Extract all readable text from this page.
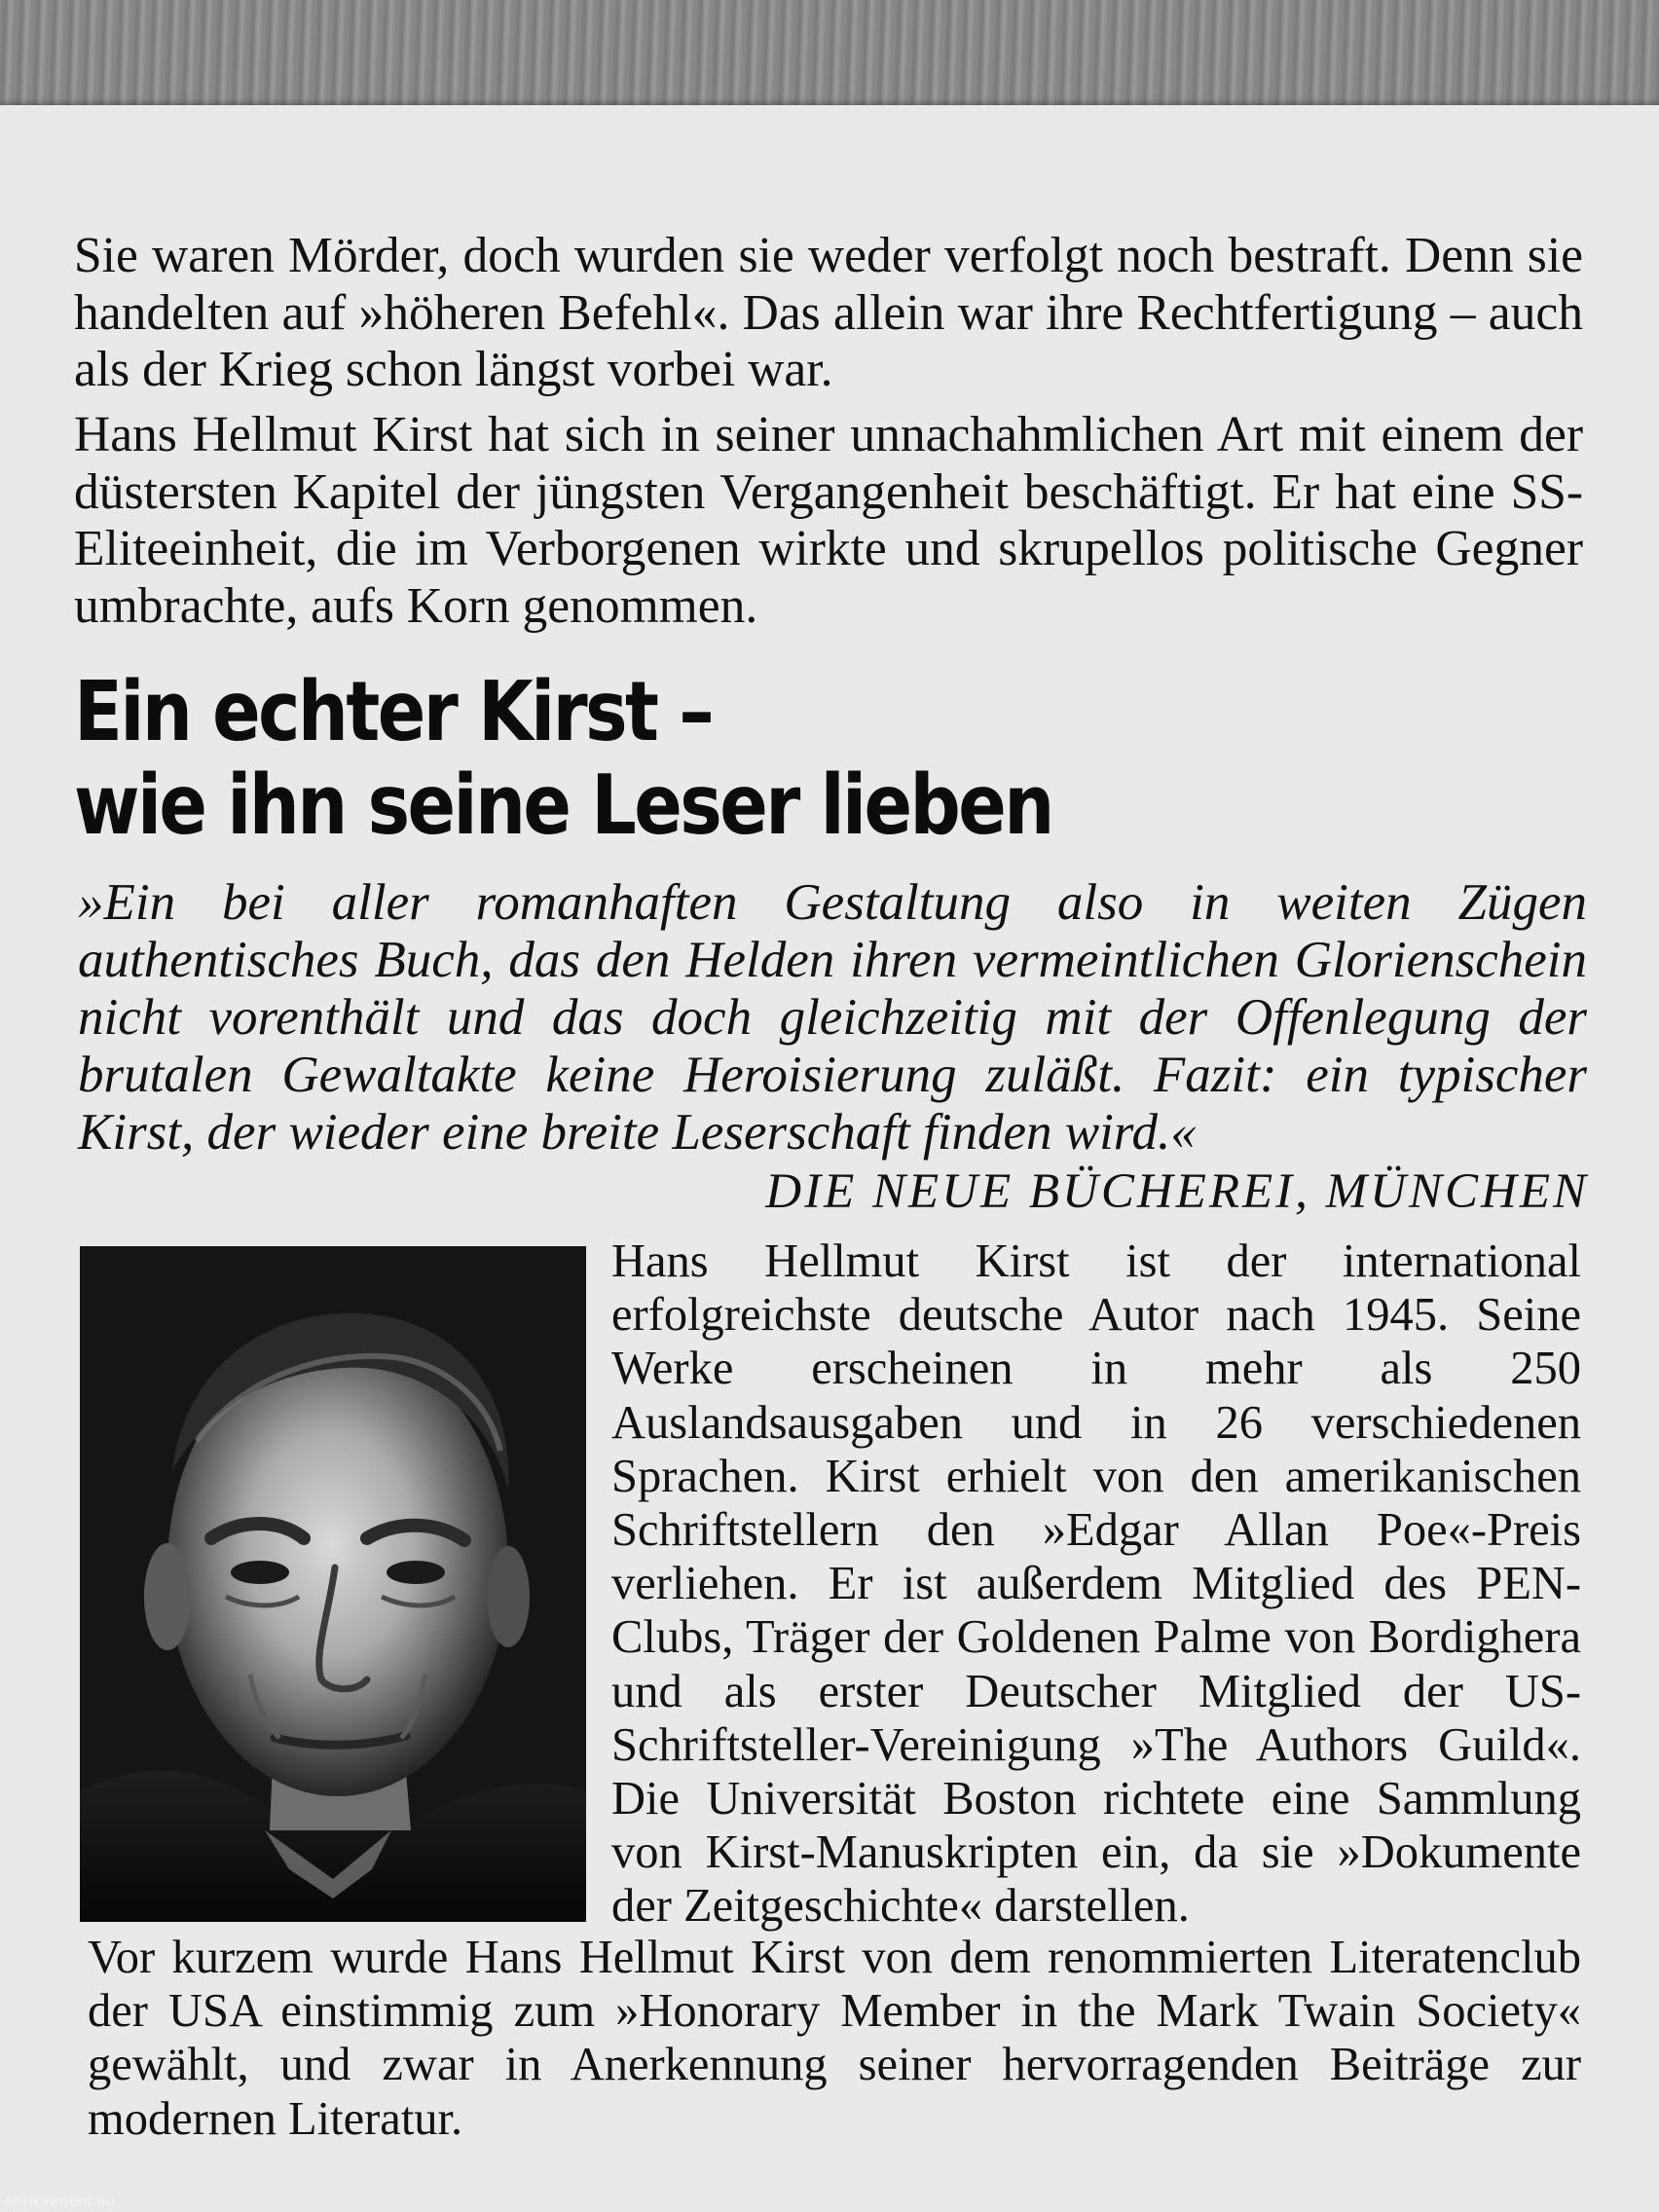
Sie waren Mörder, doch wurden sie weder verfolgt noch bestraft. Denn sie handelten auf »höheren Befehl«. Das allein war ihre Rechtfertigung – auch als der Krieg schon längst vorbei war.

Hans Hellmut Kirst hat sich in seiner unnachahmlichen Art mit einem der düstersten Kapitel der jüngsten Vergangenheit beschäftigt. Er hat eine SS-Eliteeinheit, die im Verborgenen wirkte und skrupellos politische Gegner umbrachte, aufs Korn genommen.

Ein echter Kirst –
wie ihn seine Leser lieben

»Ein bei aller romanhaften Gestaltung also in weiten Zügen authentisches Buch, das den Helden ihren vermeintlichen Glorienschein nicht vorenthält und das doch gleichzeitig mit der Offenlegung der brutalen Gewaltakte keine Heroisierung zuläßt. Fazit: ein typischer Kirst, der wieder eine breite Leserschaft finden wird.«

DIE NEUE BÜCHEREI, MÜNCHEN

Hans Hellmut Kirst ist der international erfolgreichste deutsche Autor nach 1945. Seine Werke erscheinen in mehr als 250 Auslandsausgaben und in 26 verschiedenen Sprachen. Kirst erhielt von den amerikanischen Schriftstellern den »Edgar Allan Poe«-Preis verliehen. Er ist außerdem Mitglied des PEN-Clubs, Träger der Goldenen Palme von Bordighera und als erster Deutscher Mitglied der US-Schriftsteller-Vereinigung »The Authors Guild«. Die Universität Boston richtete eine Sammlung von Kirst-Manuskripten ein, da sie »Dokumente der Zeitgeschichte« darstellen.

Vor kurzem wurde Hans Hellmut Kirst von dem renommierten Literatenclub der USA einstimmig zum »Honorary Member in the Mark Twain Society« gewählt, und zwar in Anerkennung seiner hervorragenden Beiträge zur modernen Literatur.

Antikvarium.hu
